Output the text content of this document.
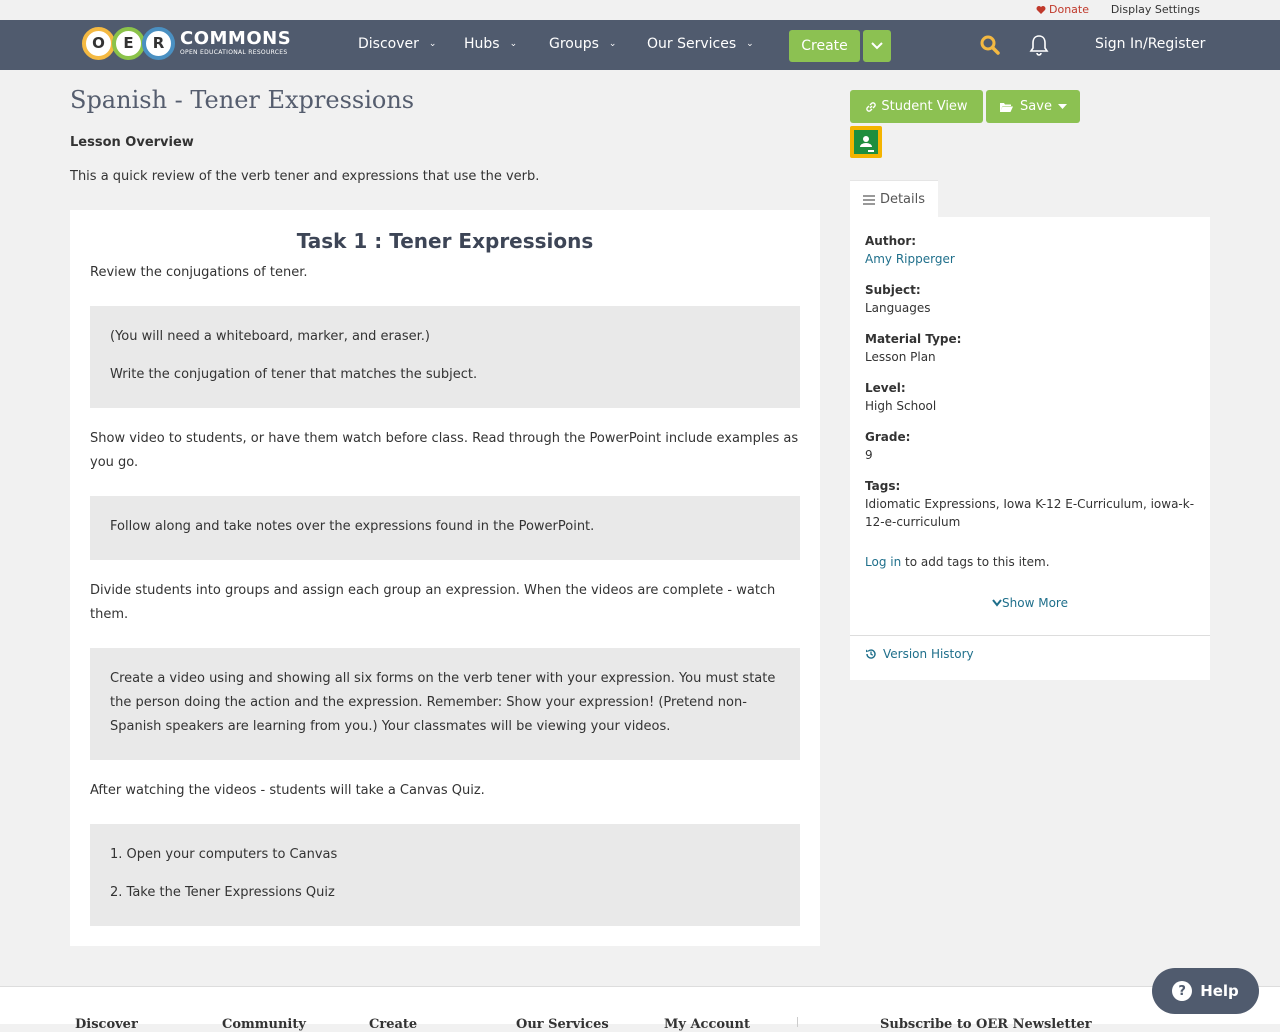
Donate Display Settings
O	E	R COMMONS
OPEN EDUCATIONAL RESOURCES
Discover ⌄ Hubs ⌄ Groups ⌄ Our Services ⌄	Create	Sign In/Register
Spanish - Tener Expressions
Lesson Overview
This a quick review of the verb tener and expressions that use the verb.
Task 1 : Tener Expressions

Review the conjugations of tener.

(You will need a whiteboard, marker, and eraser.)

Write the conjugation of tener that matches the subject.

Show video to students, or have them watch before class. Read through the PowerPoint include examples as you go.

Follow along and take notes over the expressions found in the PowerPoint.

Divide students into groups and assign each group an expression. When the videos are complete - watch them.

Create a video using and showing all six forms on the verb tener with your expression. You must state the person doing the action and the expression. Remember: Show your expression! (Pretend non-Spanish speakers are learning from you.) Your classmates will be viewing your videos.

After watching the videos - students will take a Canvas Quiz.

1. Open your computers to Canvas

2. Take the Tener Expressions Quiz

Student View	Save
Details
Author:
Amy Ripperger
Subject:
Languages
Material Type:
Lesson Plan
Level:
High School
Grade:
9
Tags:
Idiomatic Expressions, Iowa K-12 E-Curriculum, iowa-k-12-e-curriculum
Log in to add tags to this item.
Show More
Version History
Discover	Community	Create	Our Services	My Account	Subscribe to OER Newsletter
? Help
